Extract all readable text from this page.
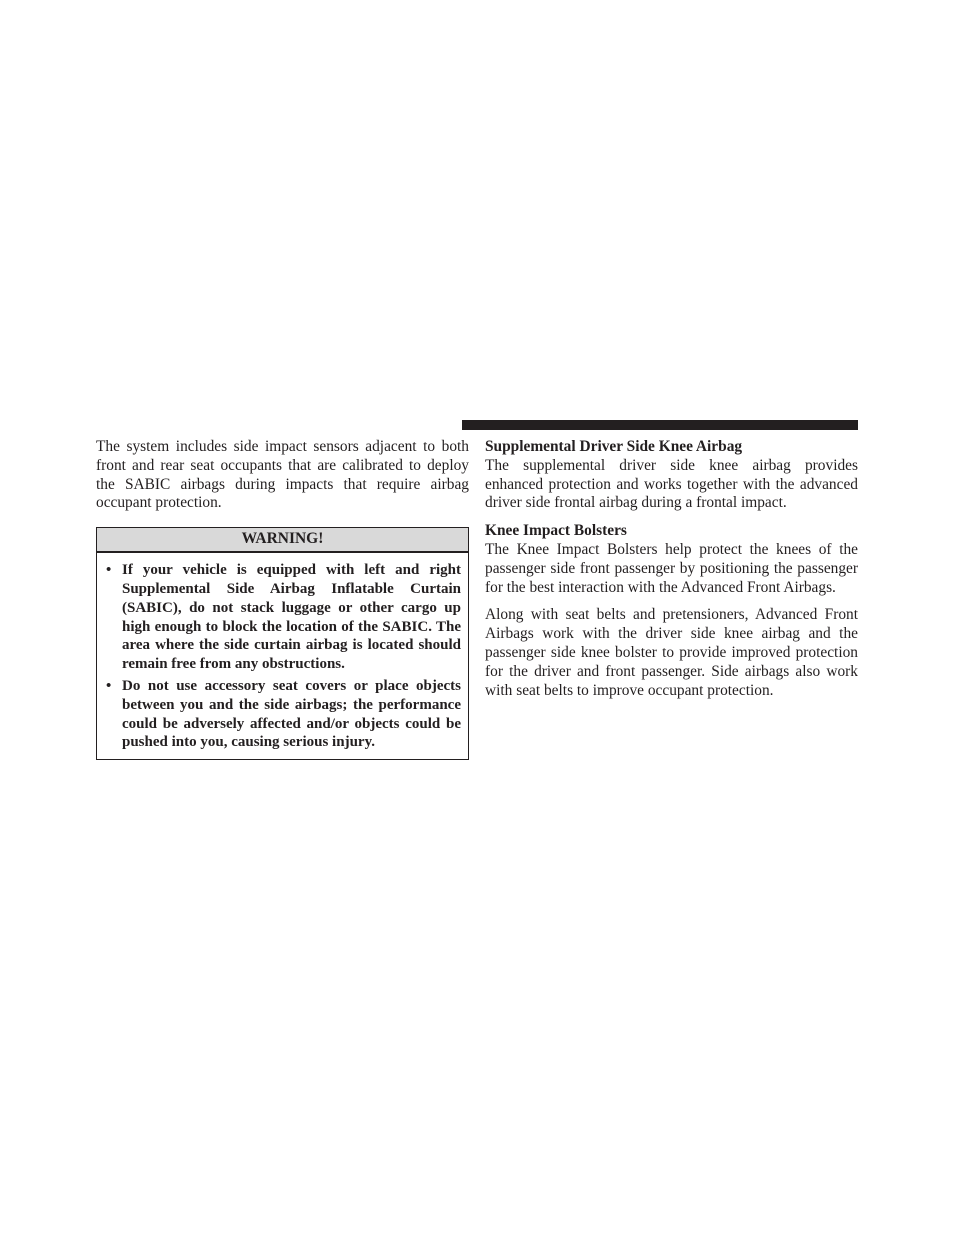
The system includes side impact sensors adjacent to both front and rear seat occupants that are calibrated to deploy the SABIC airbags during impacts that require airbag occupant protection.

WARNING!
• If your vehicle is equipped with left and right Supplemental Side Airbag Inflatable Curtain (SABIC), do not stack luggage or other cargo up high enough to block the location of the SABIC. The area where the side curtain airbag is located should remain free from any obstructions.
• Do not use accessory seat covers or place objects between you and the side airbags; the performance could be adversely affected and/or objects could be pushed into you, causing serious injury.
Supplemental Driver Side Knee Airbag

The supplemental driver side knee airbag provides enhanced protection and works together with the advanced driver side frontal airbag during a frontal impact.

Knee Impact Bolsters

The Knee Impact Bolsters help protect the knees of the passenger side front passenger by positioning the passenger for the best interaction with the Advanced Front Airbags.

Along with seat belts and pretensioners, Advanced Front Airbags work with the driver side knee airbag and the passenger side knee bolster to provide improved protection for the driver and front passenger. Side airbags also work with seat belts to improve occupant protection.
